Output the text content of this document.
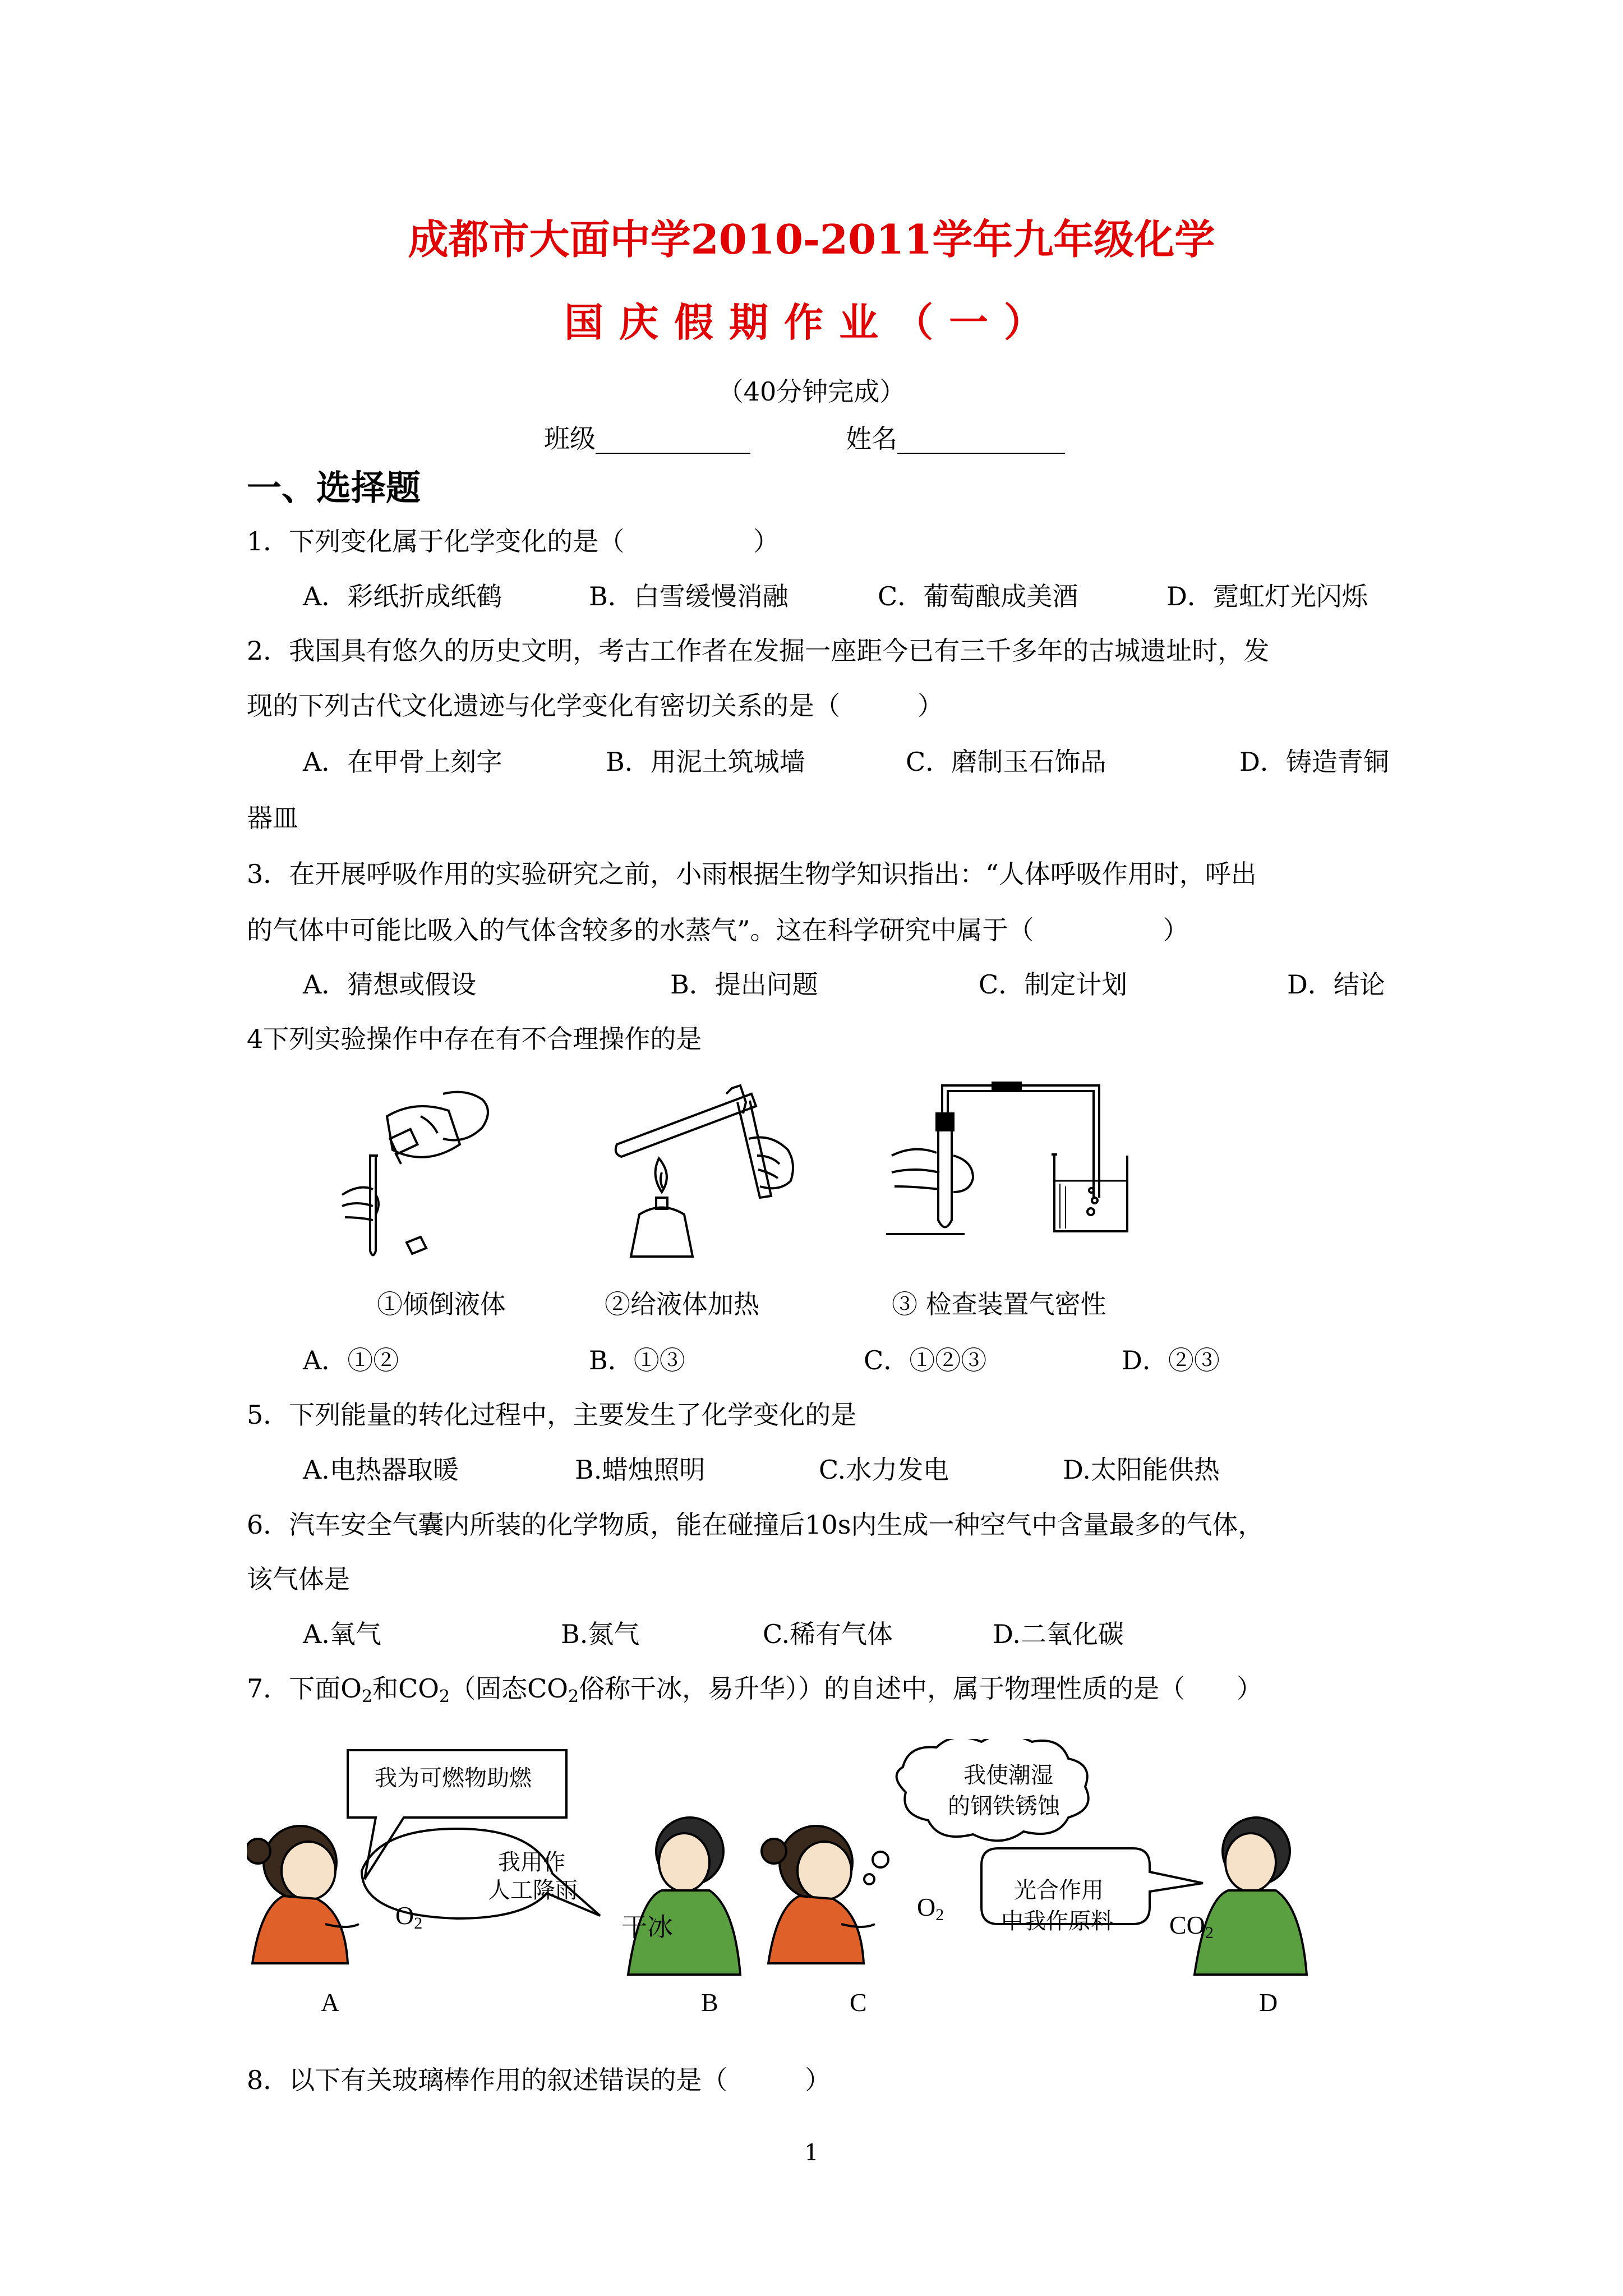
成都市大面中学2010-2011学年九年级化学
国庆假期作业（一）
（40分钟完成）
班级____________	姓名_____________
一、选择题
1．下列变化属于化学变化的是（　　　　　）
A．彩纸折成纸鹤	B．白雪缓慢消融	C．葡萄酿成美酒	D．霓虹灯光闪烁
2．我国具有悠久的历史文明，考古工作者在发掘一座距今已有三千多年的古城遗址时，发
现的下列古代文化遗迹与化学变化有密切关系的是（　　　）
A．在甲骨上刻字	B．用泥土筑城墙	C．磨制玉石饰品	D．铸造青铜
器皿
3．在开展呼吸作用的实验研究之前，小雨根据生物学知识指出：“人体呼吸作用时，呼出
的气体中可能比吸入的气体含较多的水蒸气”。这在科学研究中属于（　　　　　）
A．猜想或假设	B．提出问题	C．制定计划	D．结论
4下列实验操作中存在有不合理操作的是
①倾倒液体	②给液体加热	③ 检查装置气密性
A．①②	B．①③	C．①②③	D．②③
5．下列能量的转化过程中，主要发生了化学变化的是
A.电热器取暖	B.蜡烛照明	C.水力发电	D.太阳能供热
6．汽车安全气囊内所装的化学物质，能在碰撞后10s内生成一种空气中含量最多的气体，
该气体是
A.氧气	B.氮气	C.稀有气体	D.二氧化碳
7．下面$O_2$和$CO_2$（固态$CO_2$俗称干冰，易升华））的自述中，属于物理性质的是（　　）
我为可燃物助燃
我用作
人工降雨
我使潮湿
的钢铁锈蚀
光合作用
中我作原料
$O_2$	干冰
$O_2$	$CO_2$
A	B	C	D
8．以下有关玻璃棒作用的叙述错误的是（　　　）
1
